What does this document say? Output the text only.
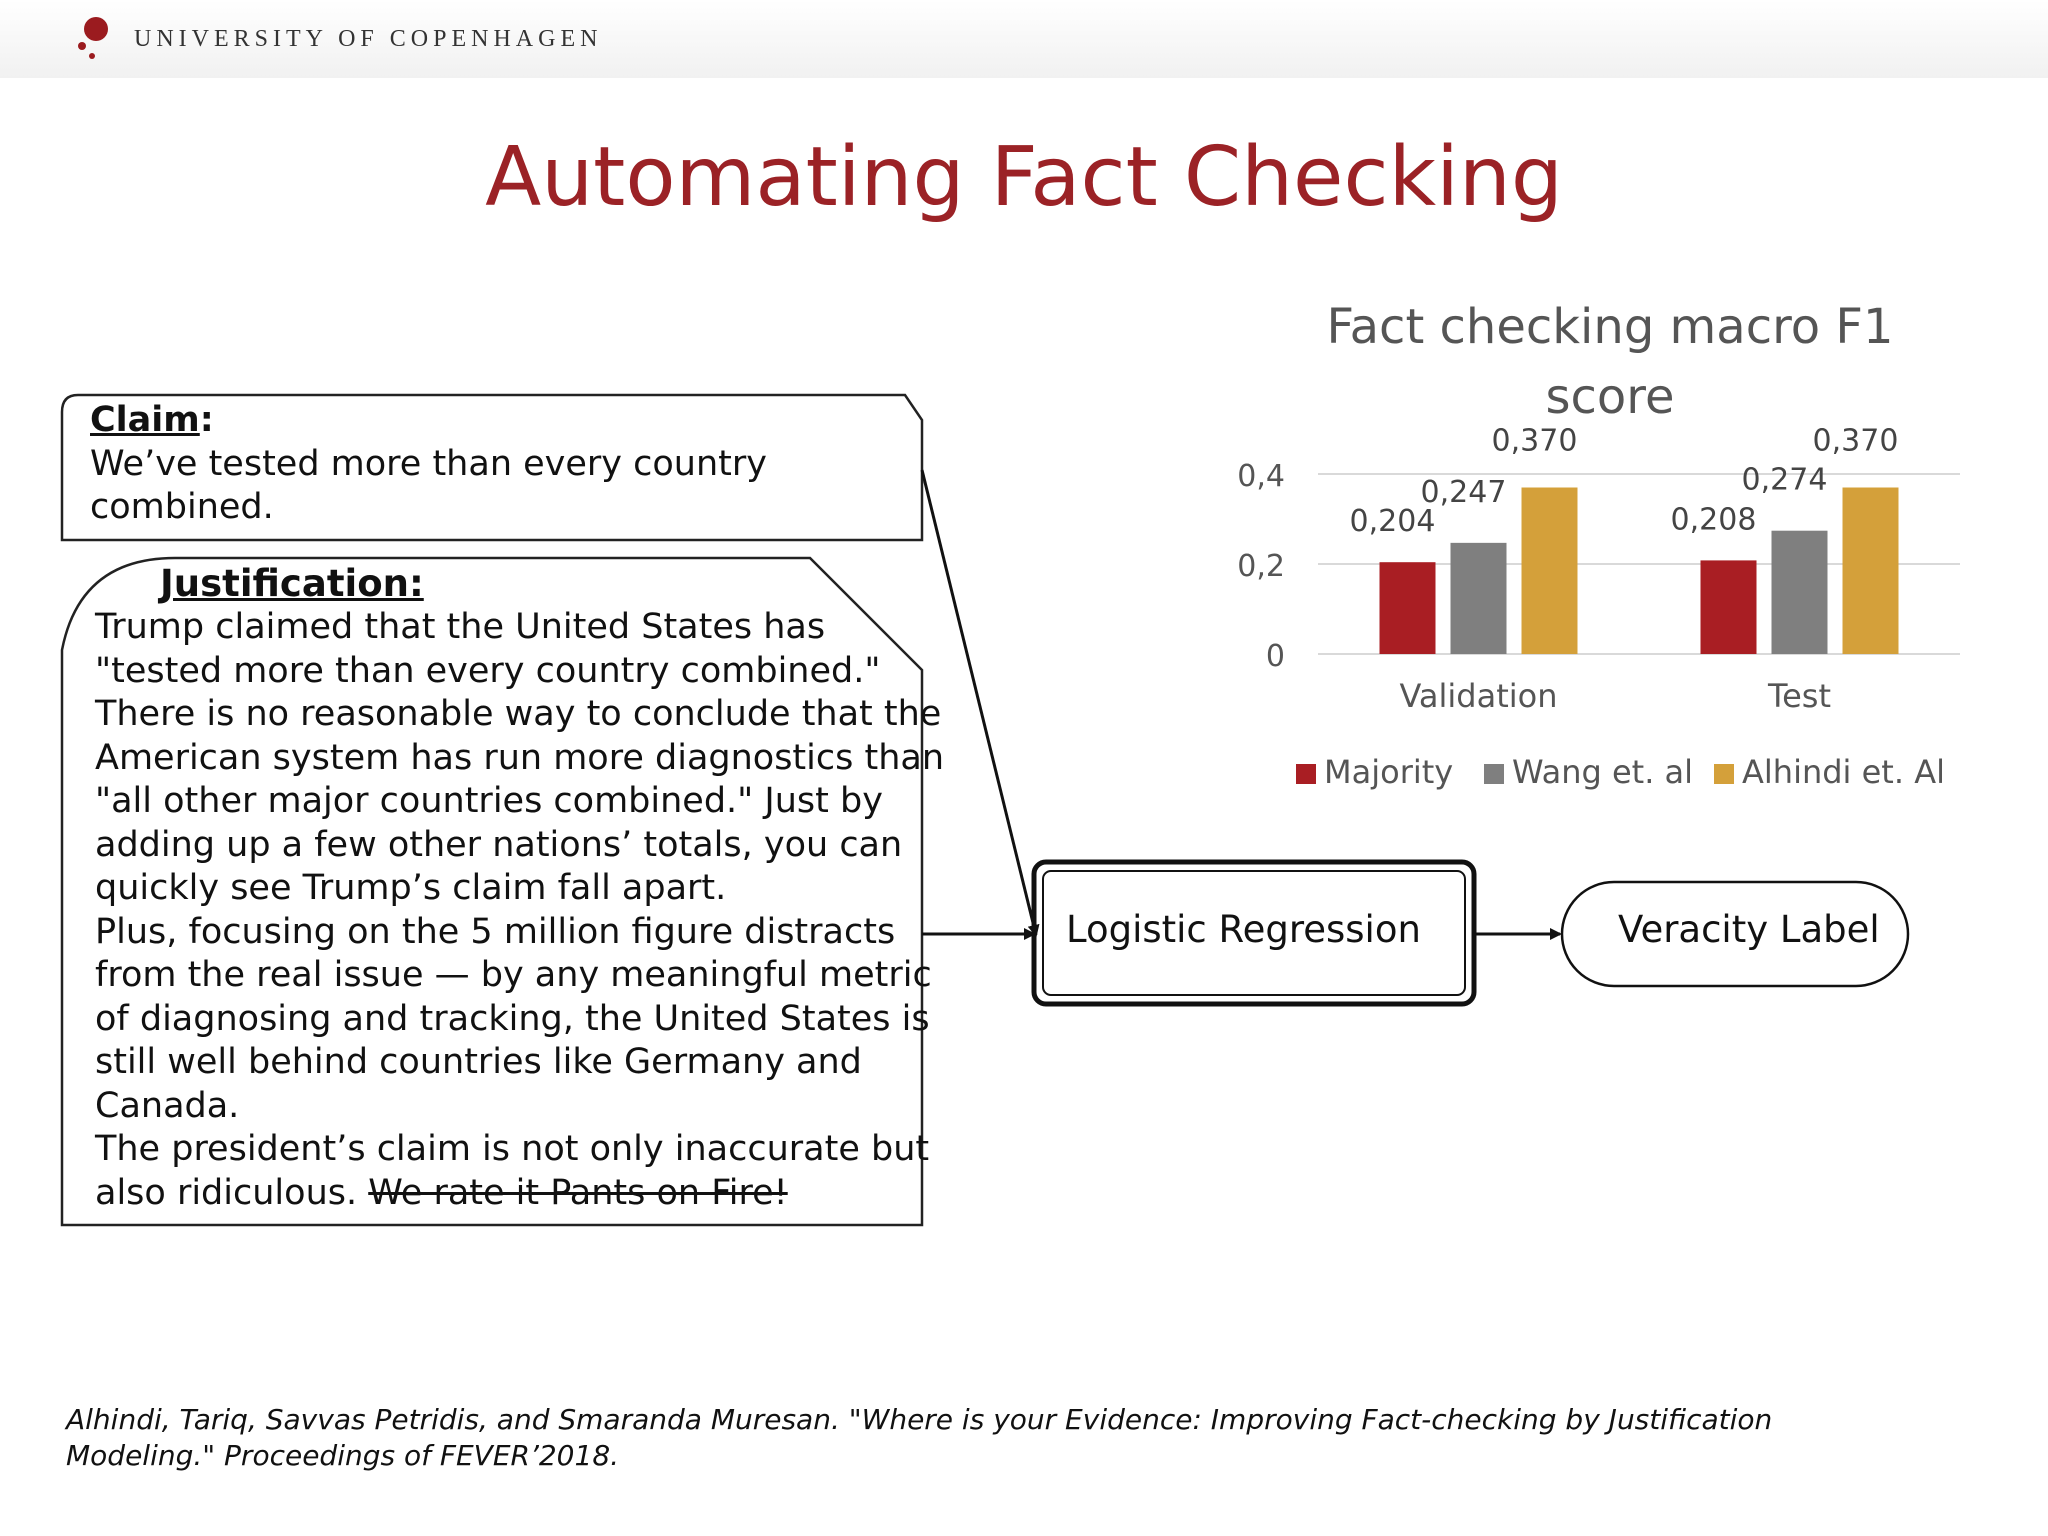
UNIVERSITY OF COPENHAGEN
Automating Fact Checking
Claim:
We’ve tested more than every country
combined.
Justification:
Trump claimed that the United States has
"tested more than every country combined."
There is no reasonable way to conclude that the
American system has run more diagnostics than
"all other major countries combined." Just by
adding up a few other nations’ totals, you can
quickly see Trump’s claim fall apart.
Plus, focusing on the 5 million figure distracts
from the real issue — by any meaningful metric
of diagnosing and tracking, the United States is
still well behind countries like Germany and
Canada.
The president’s claim is not only inaccurate but
also ridiculous. We rate it Pants on Fire!
Logistic Regression	Veracity Label
Fact checking macro F1 score
0
0,2
0,4
0,204
0,247
0,370
Validation
0,208
0,274
0,370
Test
Majority Wang et. al Alhindi et. Al
Alhindi, Tariq, Savvas Petridis, and Smaranda Muresan. "Where is your Evidence: Improving Fact-checking by Justification
Modeling." Proceedings of FEVER’2018.
